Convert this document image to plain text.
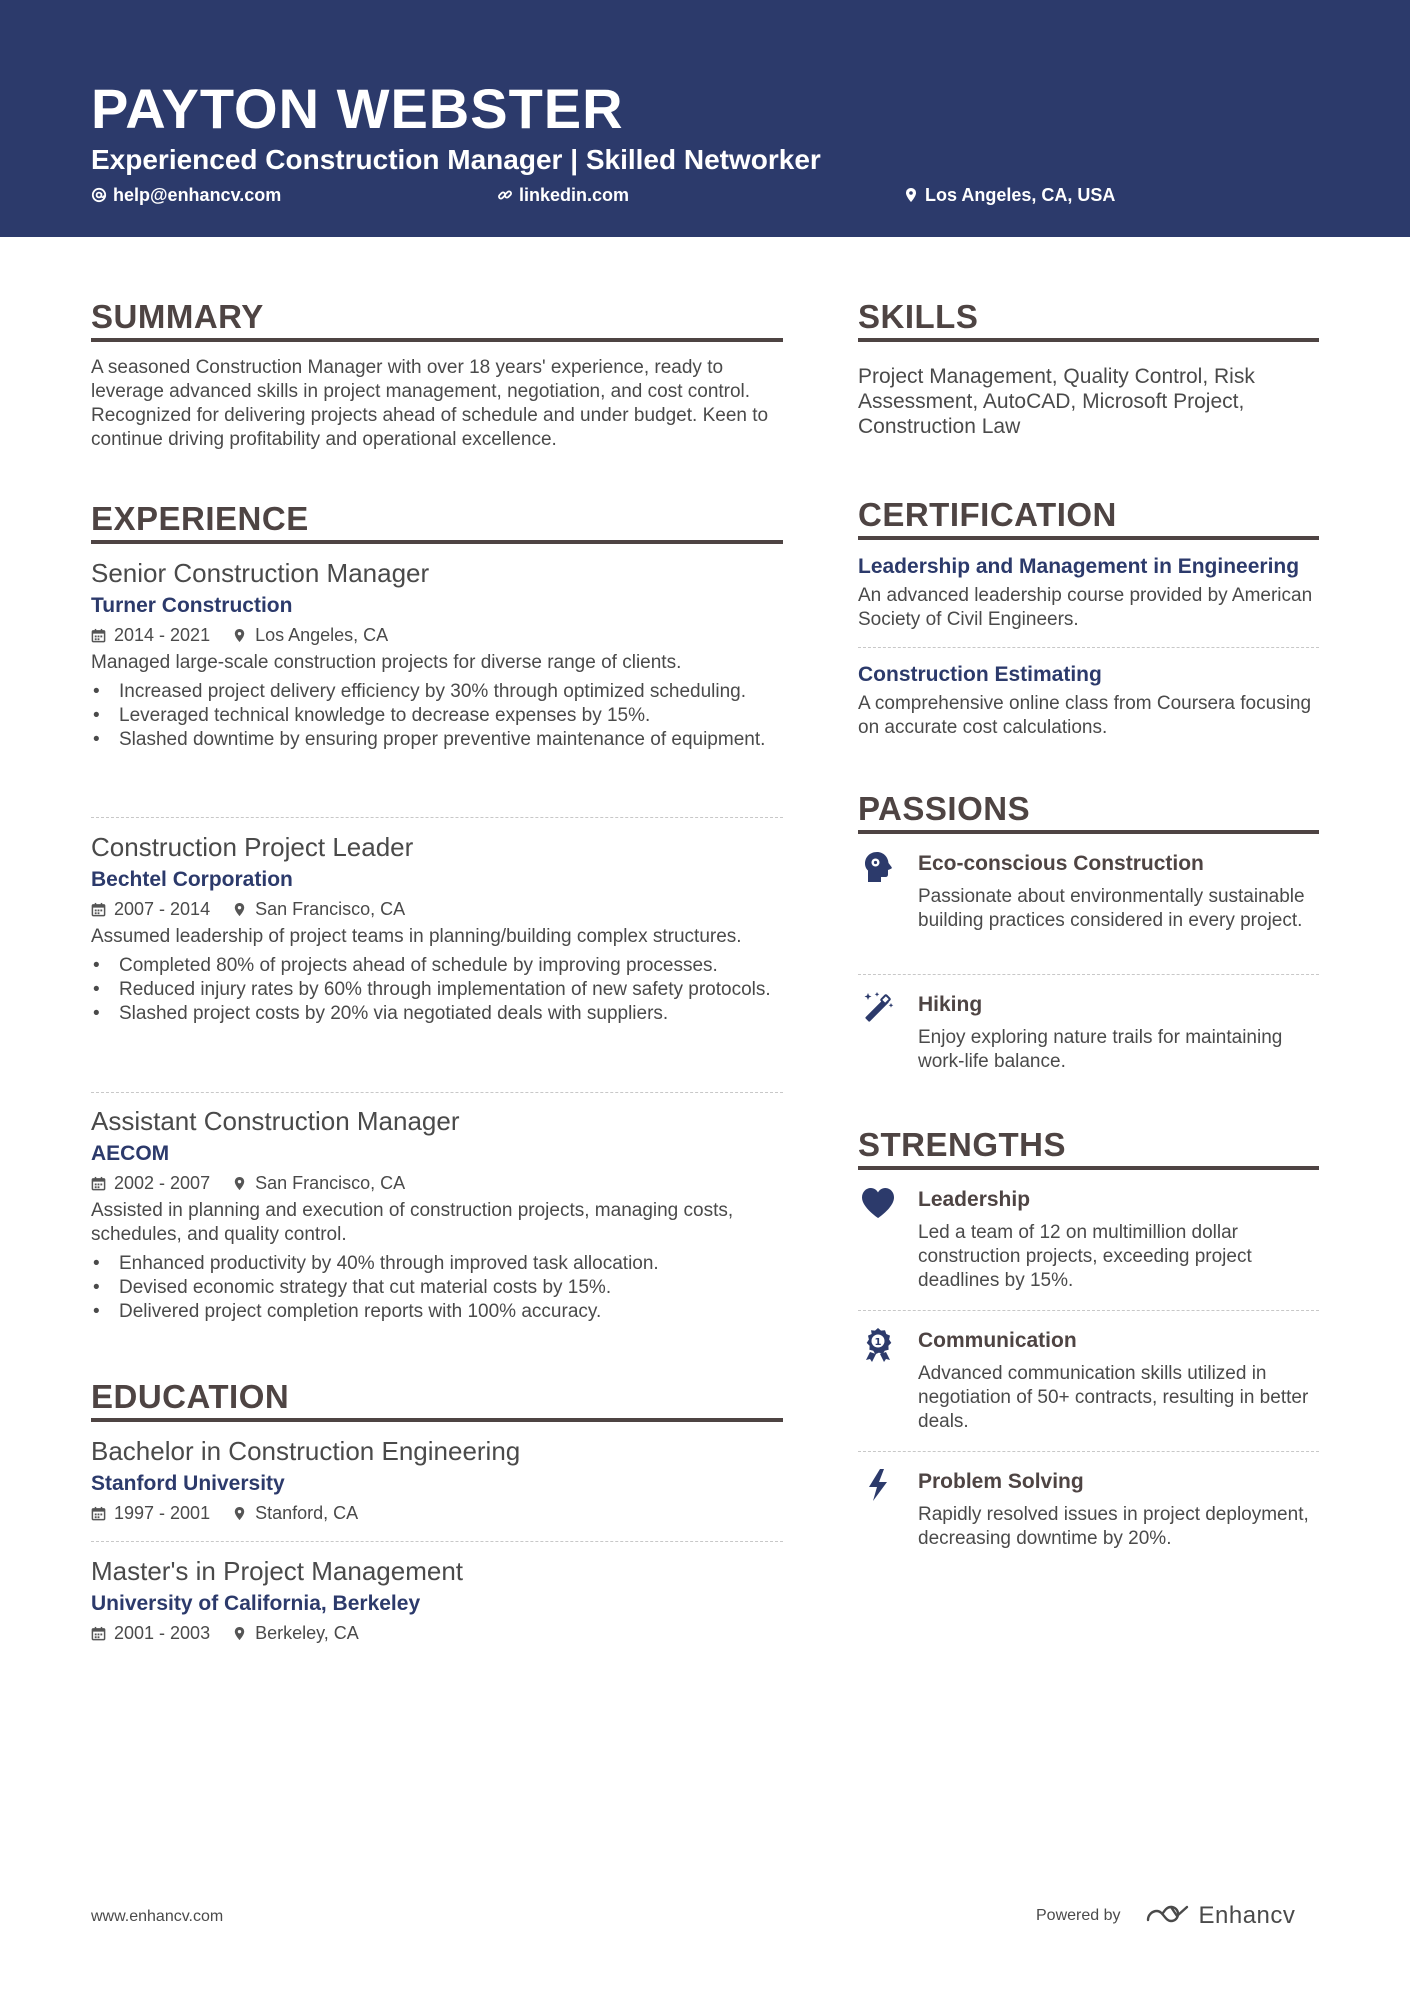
PAYTON WEBSTER
Experienced Construction Manager | Skilled Networker
help@enhancv.com	linkedin.com	Los Angeles, CA, USA
SUMMARY
A seasoned Construction Manager with over 18 years' experience, ready to leverage advanced skills in project management, negotiation, and cost control. Recognized for delivering projects ahead of schedule and under budget. Keen to continue driving profitability and operational excellence.
EXPERIENCE
Senior Construction Manager
Turner Construction
2014 - 2021	Los Angeles, CA
Managed large-scale construction projects for diverse range of clients.
• Increased project delivery efficiency by 30% through optimized scheduling.
• Leveraged technical knowledge to decrease expenses by 15%.
• Slashed downtime by ensuring proper preventive maintenance of equipment.
Construction Project Leader
Bechtel Corporation
2007 - 2014	San Francisco, CA
Assumed leadership of project teams in planning/building complex structures.
• Completed 80% of projects ahead of schedule by improving processes.
• Reduced injury rates by 60% through implementation of new safety protocols.
• Slashed project costs by 20% via negotiated deals with suppliers.
Assistant Construction Manager
AECOM
2002 - 2007	San Francisco, CA
Assisted in planning and execution of construction projects, managing costs, schedules, and quality control.
• Enhanced productivity by 40% through improved task allocation.
• Devised economic strategy that cut material costs by 15%.
• Delivered project completion reports with 100% accuracy.
EDUCATION
Bachelor in Construction Engineering
Stanford University
1997 - 2001	Stanford, CA
Master's in Project Management
University of California, Berkeley
2001 - 2003	Berkeley, CA
SKILLS
Project Management, Quality Control, Risk Assessment, AutoCAD, Microsoft Project, Construction Law
CERTIFICATION
Leadership and Management in Engineering
An advanced leadership course provided by American Society of Civil Engineers.
Construction Estimating
A comprehensive online class from Coursera focusing on accurate cost calculations.
PASSIONS
Eco-conscious Construction
Passionate about environmentally sustainable building practices considered in every project.
Hiking
Enjoy exploring nature trails for maintaining work-life balance.
STRENGTHS
Leadership
Led a team of 12 on multimillion dollar construction projects, exceeding project deadlines by 15%.
1 Communication
Advanced communication skills utilized in negotiation of 50+ contracts, resulting in better deals.
Problem Solving
Rapidly resolved issues in project deployment, decreasing downtime by 20%.
www.enhancv.com	Powered by	Enhancv
